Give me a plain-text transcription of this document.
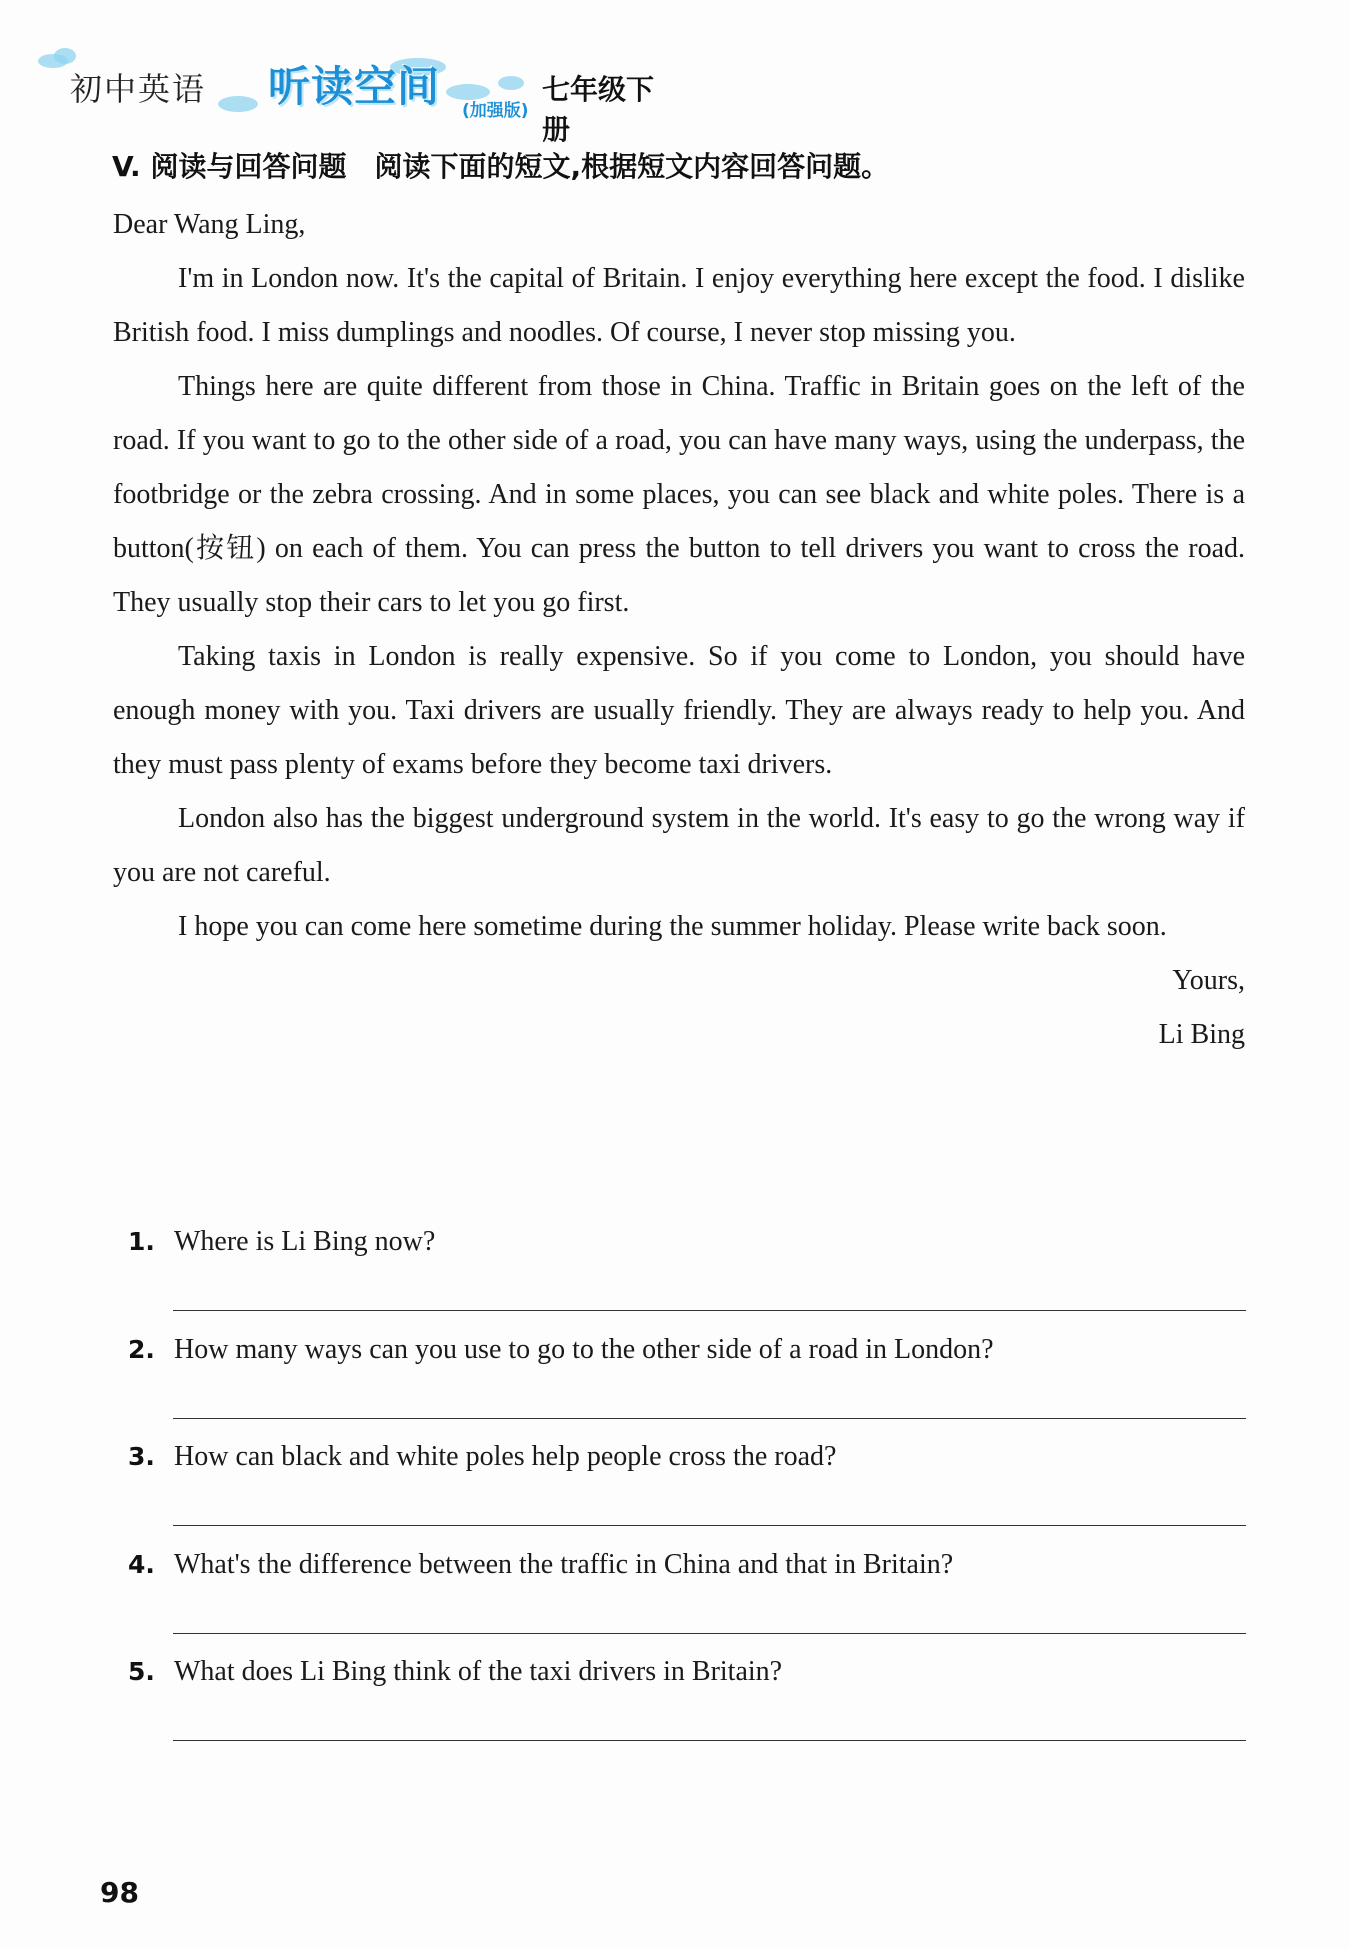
初中英语 听读空间 (加强版)
七年级下册
V. 阅读与回答问题 阅读下面的短文,根据短文内容回答问题。

Dear Wang Ling,

I'm in London now. It's the capital of Britain. I enjoy everything here except the food. I dislike British food. I miss dumplings and noodles. Of course, I never stop missing you.

Things here are quite different from those in China. Traffic in Britain goes on the left of the road. If you want to go to the other side of a road, you can have many ways, using the underpass, the footbridge or the zebra crossing. And in some places, you can see black and white poles. There is a button(按钮) on each of them. You can press the button to tell drivers you want to cross the road. They usually stop their cars to let you go first.

Taking taxis in London is really expensive. So if you come to London, you should have enough money with you. Taxi drivers are usually friendly. They are always ready to help you. And they must pass plenty of exams before they become taxi drivers.

London also has the biggest underground system in the world. It's easy to go the wrong way if you are not careful.

I hope you can come here sometime during the summer holiday. Please write back soon.

Yours,

Li Bing

1. Where is Li Bing now?
2. How many ways can you use to go to the other side of a road in London?
3. How can black and white poles help people cross the road?
4. What's the difference between the traffic in China and that in Britain?
5. What does Li Bing think of the taxi drivers in Britain?
98
